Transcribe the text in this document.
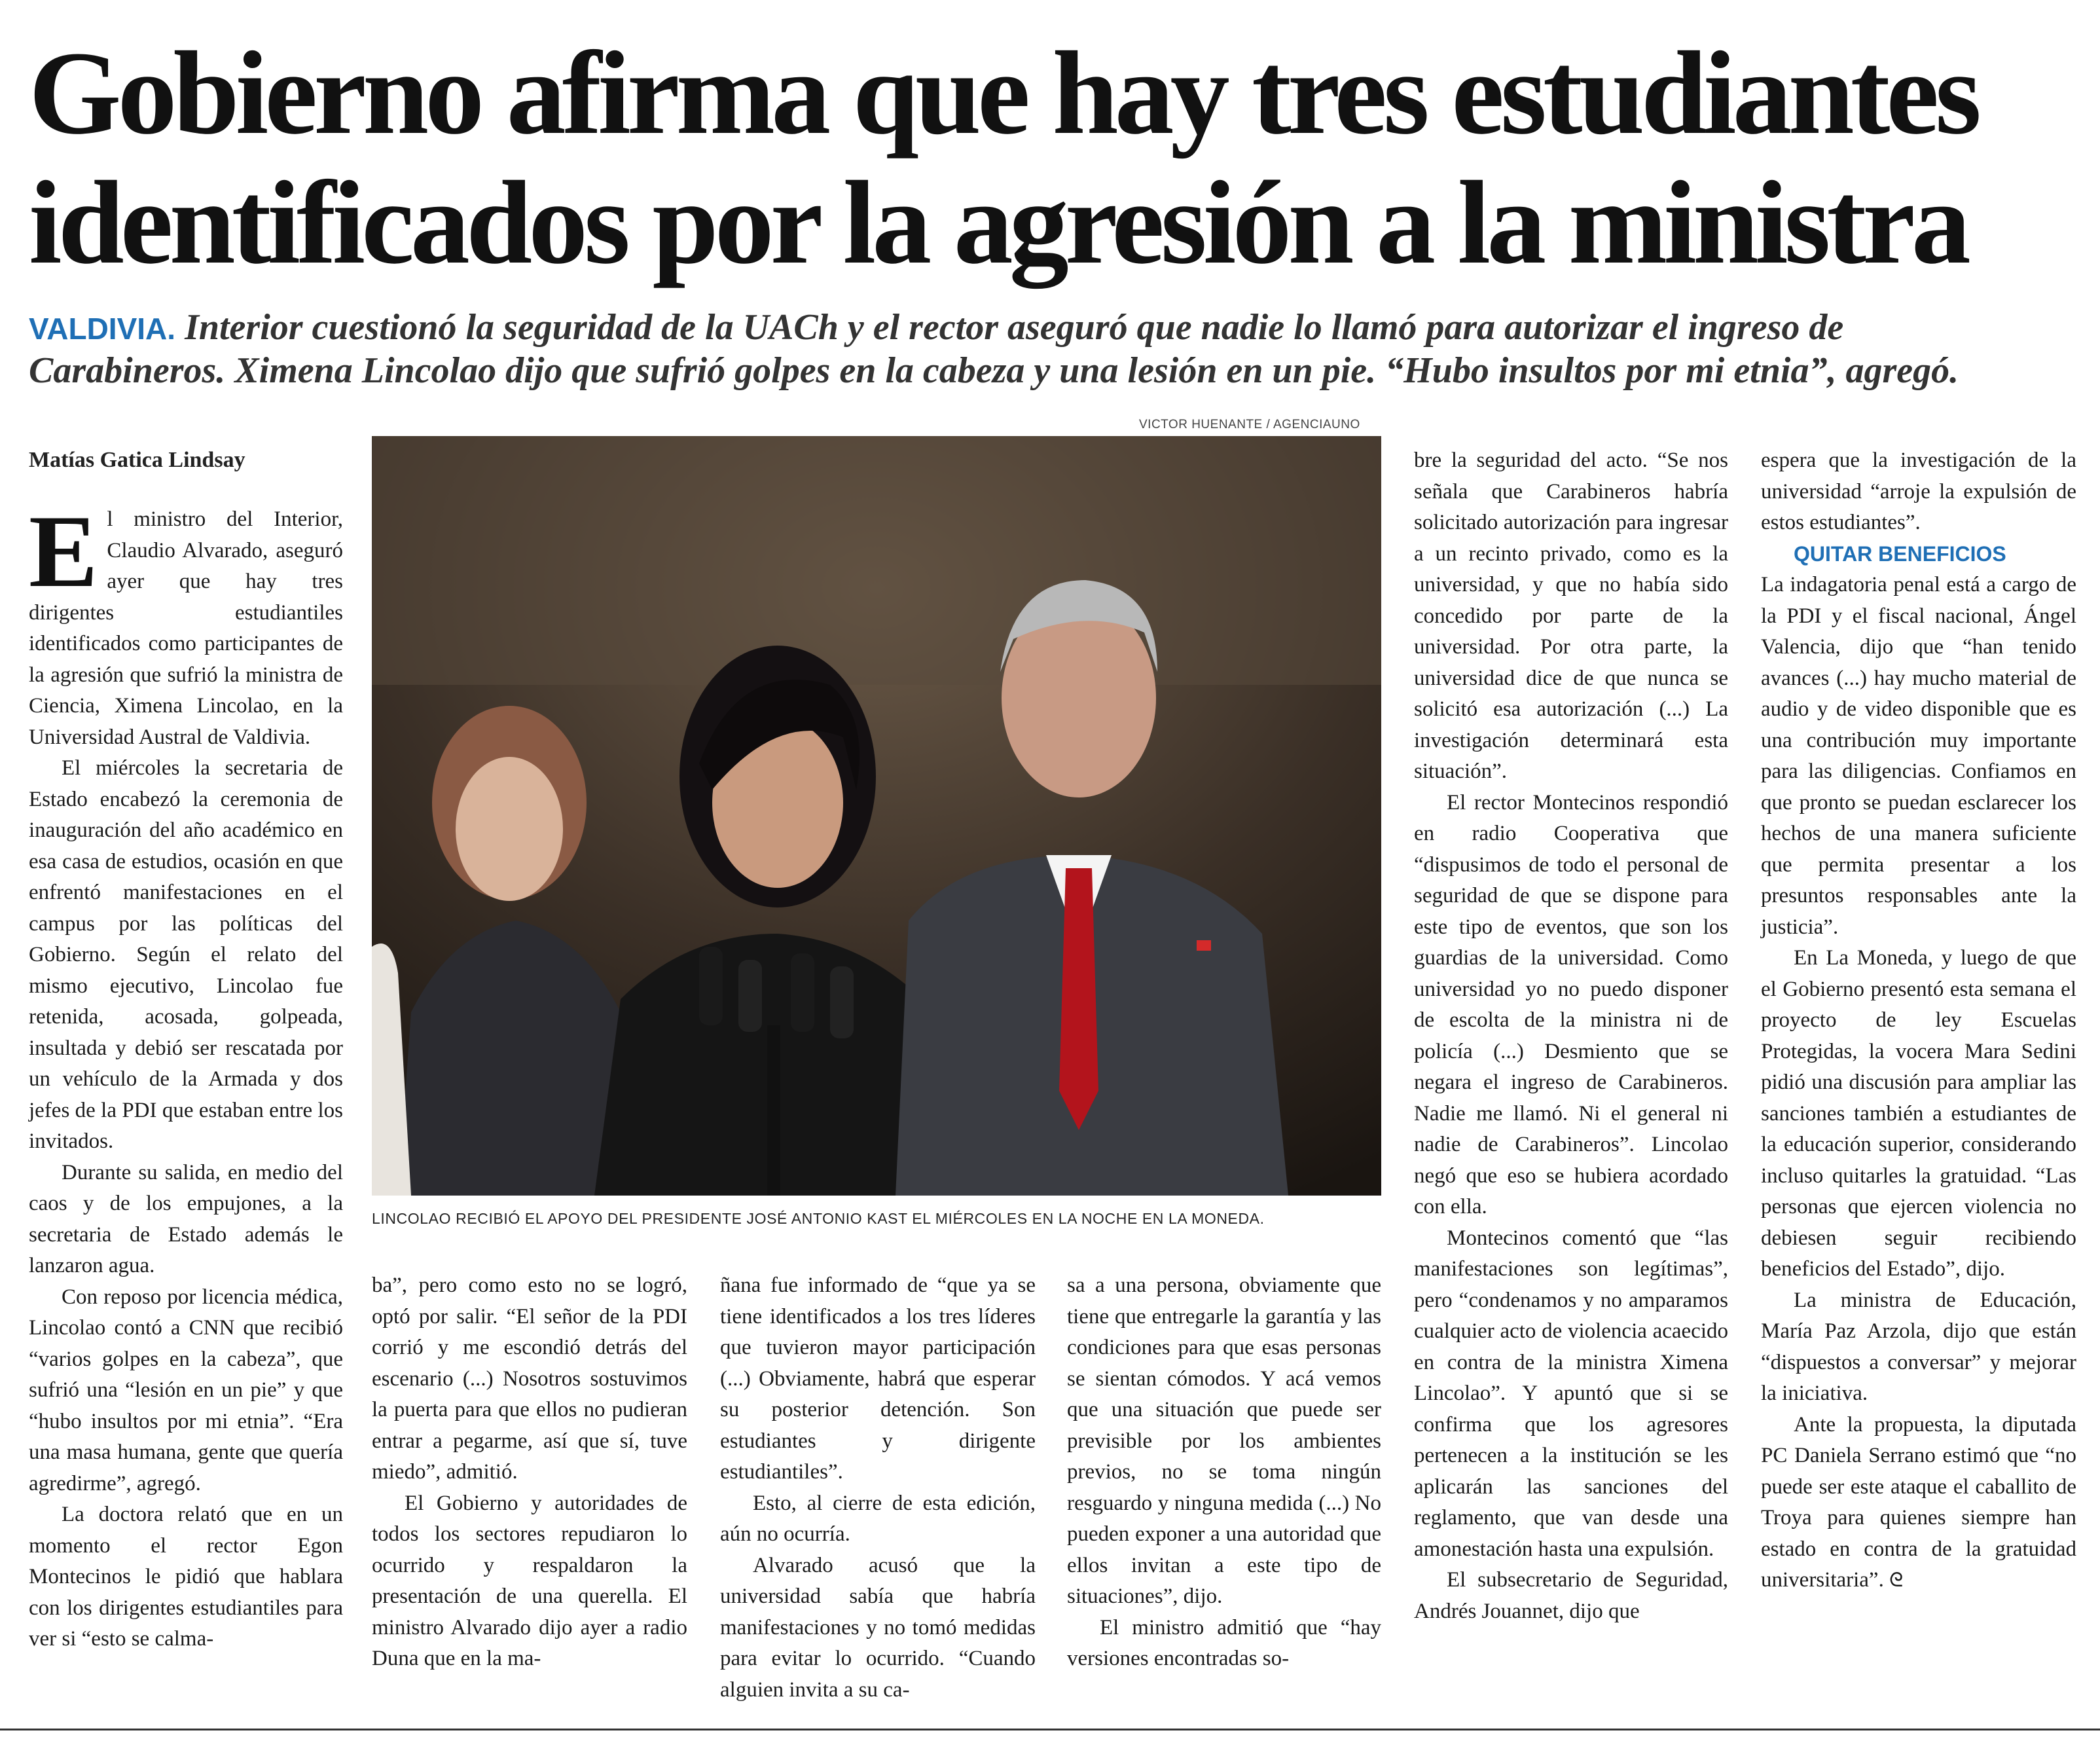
Gobierno afirma que hay tres estudiantes
identificados por la agresión a la ministra
VALDIVIA. Interior cuestionó la seguridad de la UACh y el rector aseguró que nadie lo llamó para autorizar el ingreso de
Carabineros. Ximena Lincolao dijo que sufrió golpes en la cabeza y una lesión en un pie. “Hubo insultos por mi etnia”, agregó.
Matías Gatica Lindsay

El ministro del Interior, Claudio Alvarado, aseguró ayer que hay tres dirigentes estudiantiles identificados como participantes de la agresión que sufrió la ministra de Ciencia, Ximena Lincolao, en la Universidad Austral de Valdivia.

El miércoles la secretaria de Estado encabezó la ceremonia de inauguración del año académico en esa casa de estudios, ocasión en que enfrentó manifestaciones en el campus por las políticas del Gobierno. Según el relato del mismo ejecutivo, Lincolao fue retenida, acosada, golpeada, insultada y debió ser rescatada por un vehículo de la Armada y dos jefes de la PDI que estaban entre los invitados.

Durante su salida, en medio del caos y de los empujones, a la secretaria de Estado además le lanzaron agua.

Con reposo por licencia médica, Lincolao contó a CNN que recibió “varios golpes en la cabeza”, que sufrió una “lesión en un pie” y que “hubo insultos por mi etnia”. “Era una masa humana, gente que quería agredirme”, agregó.

La doctora relató que en un momento el rector Egon Montecinos le pidió que hablara con los dirigentes estudiantiles para ver si “esto se calma-

VICTOR HUENANTE / AGENCIAUNO
LINCOLAO RECIBIÓ EL APOYO DEL PRESIDENTE JOSÉ ANTONIO KAST EL MIÉRCOLES EN LA NOCHE EN LA MONEDA.

ba”, pero como esto no se logró, optó por salir. “El señor de la PDI corrió y me escondió detrás del escenario (...) Nosotros sostuvimos la puerta para que ellos no pudieran entrar a pegarme, así que sí, tuve miedo”, admitió.

El Gobierno y autoridades de todos los sectores repudiaron lo ocurrido y respaldaron la presentación de una querella. El ministro Alvarado dijo ayer a radio Duna que en la ma-

ñana fue informado de “que ya se tiene identificados a los tres líderes que tuvieron mayor participación (...) Obviamente, habrá que esperar su posterior detención. Son estudiantes y dirigente estudiantiles”.

Esto, al cierre de esta edición, aún no ocurría.

Alvarado acusó que la universidad sabía que habría manifestaciones y no tomó medidas para evitar lo ocurrido. “Cuando alguien invita a su ca-

sa a una persona, obviamente que tiene que entregarle la garantía y las condiciones para que esas personas se sientan cómodos. Y acá vemos que una situación que puede ser previsible por los ambientes previos, no se toma ningún resguardo y ninguna medida (...) No pueden exponer a una autoridad que ellos invitan a este tipo de situaciones”, dijo.

El ministro admitió que “hay versiones encontradas so-

bre la seguridad del acto. “Se nos señala que Carabineros habría solicitado autorización para ingresar a un recinto privado, como es la universidad, y que no había sido concedido por parte de la universidad. Por otra parte, la universidad dice de que nunca se solicitó esa autorización (...) La investigación determinará esta situación”.

El rector Montecinos respondió en radio Cooperativa que “dispusimos de todo el personal de seguridad de que se dispone para este tipo de eventos, que son los guardias de la universidad. Como universidad yo no puedo disponer de escolta de la ministra ni de policía (...) Desmiento que se negara el ingreso de Carabineros. Nadie me llamó. Ni el general ni nadie de Carabineros”. Lincolao negó que eso se hubiera acordado con ella.

Montecinos comentó que “las manifestaciones son legítimas”, pero “condenamos y no amparamos cualquier acto de violencia acaecido en contra de la ministra Ximena Lincolao”. Y apuntó que si se confirma que los agresores pertenecen a la institución se les aplicarán las sanciones del reglamento, que van desde una amonestación hasta una expulsión.

El subsecretario de Seguridad, Andrés Jouannet, dijo que

espera que la investigación de la universidad “arroje la expulsión de estos estudiantes”.

QUITAR BENEFICIOS

La indagatoria penal está a cargo de la PDI y el fiscal nacional, Ángel Valencia, dijo que “han tenido avances (...) hay mucho material de audio y de video disponible que es una contribución muy importante para las diligencias. Confiamos en que pronto se puedan esclarecer los hechos de una manera suficiente que permita presentar a los presuntos responsables ante la justicia”.

En La Moneda, y luego de que el Gobierno presentó esta semana el proyecto de ley Escuelas Protegidas, la vocera Mara Sedini pidió una discusión para ampliar las sanciones también a estudiantes de la educación superior, considerando incluso quitarles la gratuidad. “Las personas que ejercen violencia no debiesen seguir recibiendo beneficios del Estado”, dijo.

La ministra de Educación, María Paz Arzola, dijo que están “dispuestos a conversar” y mejorar la iniciativa.

Ante la propuesta, la diputada PC Daniela Serrano estimó que “no puede ser este ataque el caballito de Troya para quienes siempre han estado en contra de la gratuidad universitaria”. ᘓ
